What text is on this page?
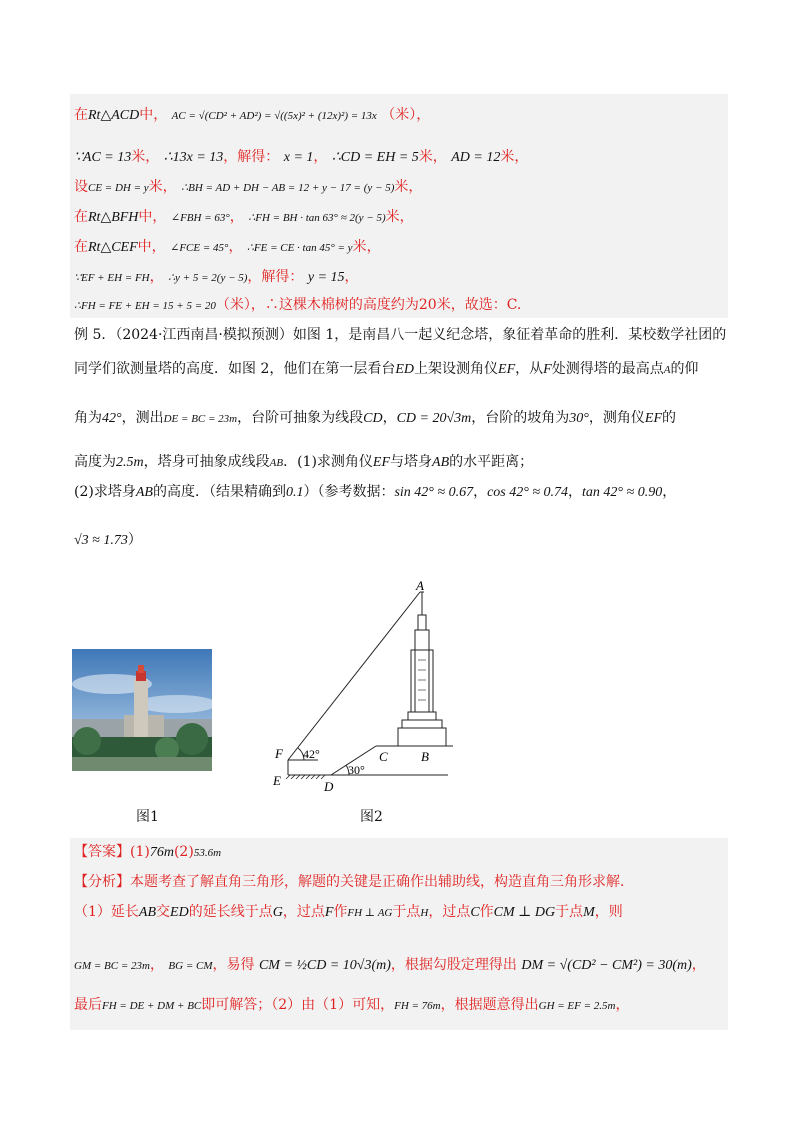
在Rt△ACD中， AC = √(CD² + AD²) = √((5x)² + (12x)²) = 13x （米），
∵AC = 13米， ∴13x = 13，解得： x = 1， ∴CD = EH = 5米， AD = 12米，
设CE = DH = y米， ∴BH = AD + DH − AB = 12 + y − 17 = (y − 5)米，
在Rt△BFH中， ∠FBH = 63°， ∴FH = BH · tan 63° ≈ 2(y − 5)米，
在Rt△CEF中， ∠FCE = 45°， ∴FE = CE · tan 45° = y米，
∵EF + EH = FH， ∴y + 5 = 2(y − 5)，解得： y = 15，
∴FH = FE + EH = 15 + 5 = 20（米），∴这棵木棉树的高度约为20米，故选：C.
例 5．（2024·江西南昌·模拟预测）如图 1，是南昌八一起义纪念塔，象征着革命的胜利．某校数学社团的
同学们欲测量塔的高度．如图 2，他们在第一层看台ED上架设测角仪EF，从F处测得塔的最高点A的仰
角为42°，测出DE = BC = 23m，台阶可抽象为线段CD，CD = 20√3m，台阶的坡角为30°，测角仪EF的
高度为2.5m，塔身可抽象成线段AB．(1)求测角仪EF与塔身AB的水平距离；
(2)求塔身AB的高度．（结果精确到0.1）（参考数据：sin 42° ≈ 0.67，cos 42° ≈ 0.74，tan 42° ≈ 0.90，
√3 ≈ 1.73）
图1
A
F
E	D
C	B
42°
30°
图2
【答案】(1)76m(2)53.6m
【分析】本题考查了解直角三角形，解题的关键是正确作出辅助线，构造直角三角形求解．
（1）延长AB交ED的延长线于点G，过点F作FH ⊥ AG于点H，过点C作CM ⊥ DG于点M，则
GM = BC = 23m， BG = CM，易得 CM = ½CD = 10√3(m)，根据勾股定理得出 DM = √(CD² − CM²) = 30(m)，
最后FH = DE + DM + BC即可解答；（2）由（1）可知，FH = 76m，根据题意得出GH = EF = 2.5m，
